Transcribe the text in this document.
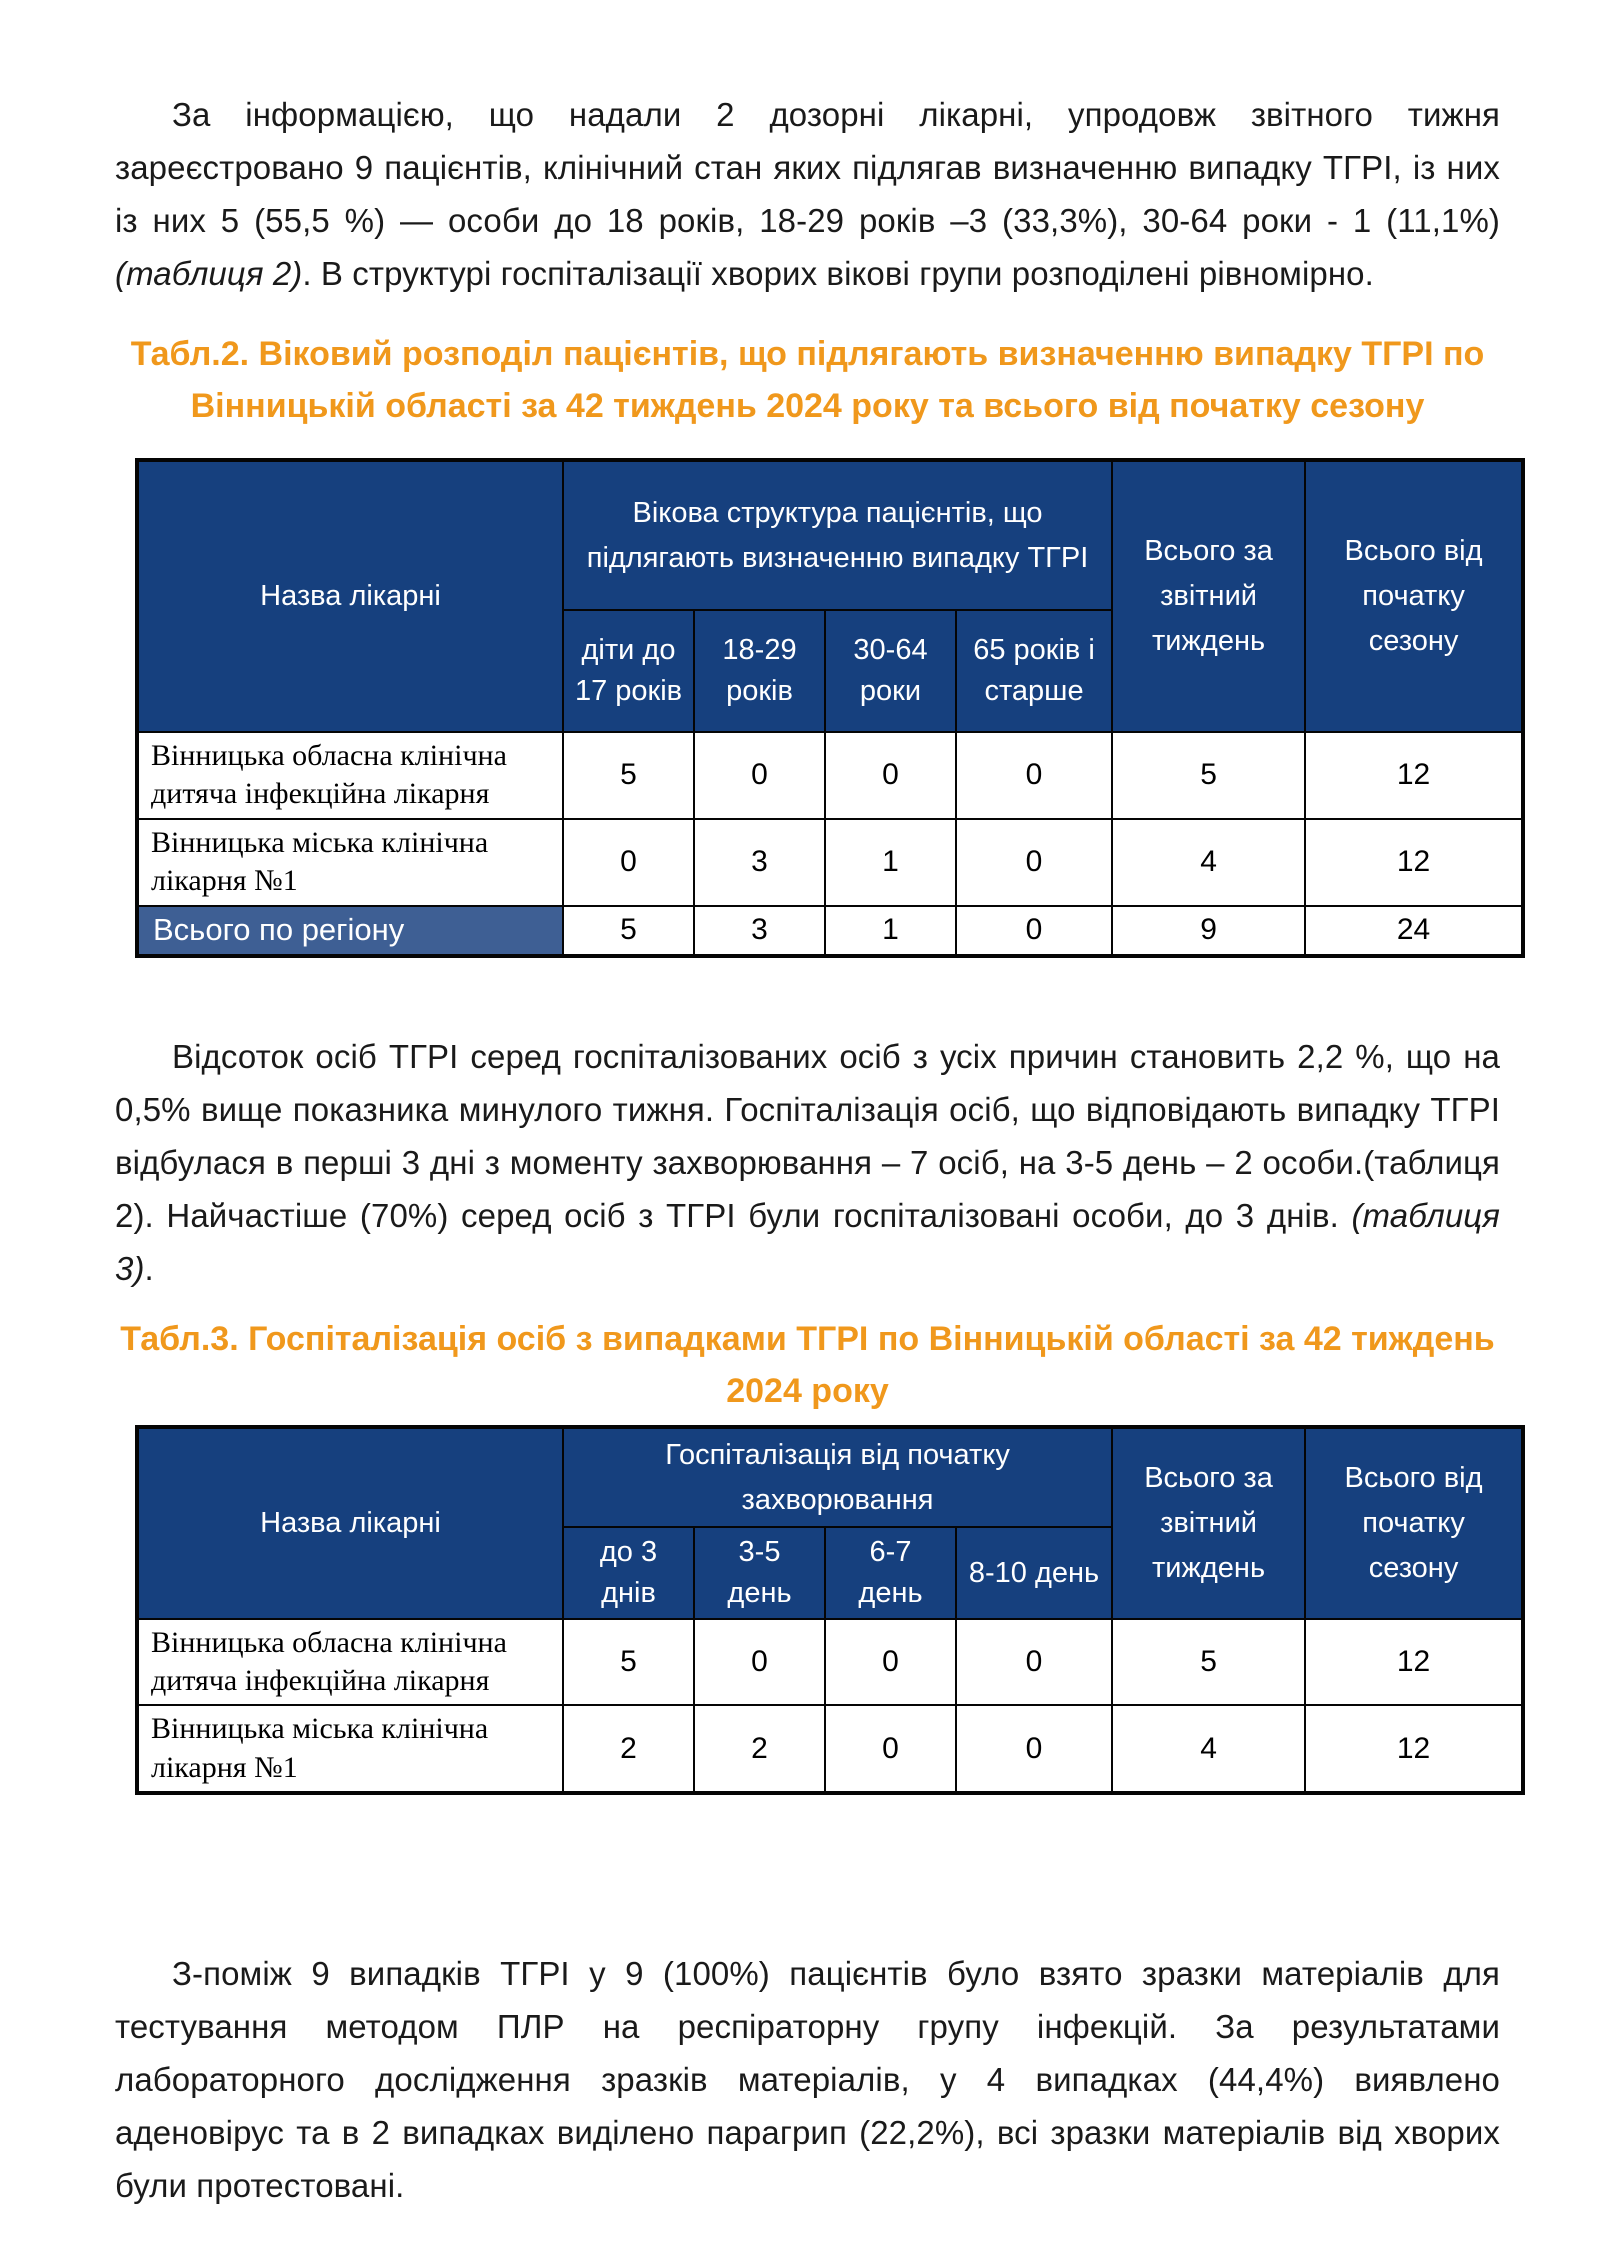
За інформацією, що надали 2 дозорні лікарні, упродовж звітного тижня зареєстровано 9 пацієнтів, клінічний стан яких підлягав визначенню випадку ТГРІ, із них із них 5 (55,5 %) — особи до 18 років, 18-29 років –3 (33,3%), 30-64 роки - 1 (11,1%) (таблиця 2). В структурі госпіталізації хворих вікові групи розподілені рівномірно.

Табл.2. Віковий розподіл пацієнтів, що підлягають визначенню випадку ТГРІ по Вінницькій області за 42 тиждень 2024 року та всього від початку сезону
Назва лікарні	Вікова структура пацієнтів, що підлягають визначенню випадку ТГРІ				Всього за звітний тиждень	Всього від початку сезону
	діти до 17 років	18-29 років	30-64 роки	65 років і старше		
Вінницька обласна клінічна дитяча інфекційна лікарня	5	0	0	0	5	12
Вінницька міська клінічна лікарня №1	0	3	1	0	4	12
Всього по регіону	5	3	1	0	9	24

Відсоток осіб ТГРІ серед госпіталізованих осіб з усіх причин становить 2,2 %, що на 0,5% вище показника минулого тижня. Госпіталізація осіб, що відповідають випадку ТГРІ відбулася в перші 3 дні з моменту захворювання – 7 осіб, на 3-5 день – 2 особи.(таблиця 2). Найчастіше (70%) серед осіб з ТГРІ були госпіталізовані особи, до 3 днів. (таблиця 3).

Табл.3. Госпіталізація осіб з випадками ТГРІ по Вінницькій області за 42 тиждень 2024 року
Назва лікарні	Госпіталізація від початку захворювання				Всього за звітний тиждень	Всього від початку сезону
	до 3 днів	3-5 день	6-7 день	8-10 день		
Вінницька обласна клінічна дитяча інфекційна лікарня	5	0	0	0	5	12
Вінницька міська клінічна лікарня №1	2	2	0	0	4	12

З-поміж 9 випадків ТГРІ у 9 (100%) пацієнтів було взято зразки матеріалів для тестування методом ПЛР на респіраторну групу інфекцій. За результатами лабораторного дослідження зразків матеріалів, у 4 випадках (44,4%) виявлено аденовірус та в 2 випадках виділено парагрип (22,2%), всі зразки матеріалів від хворих були протестовані.
